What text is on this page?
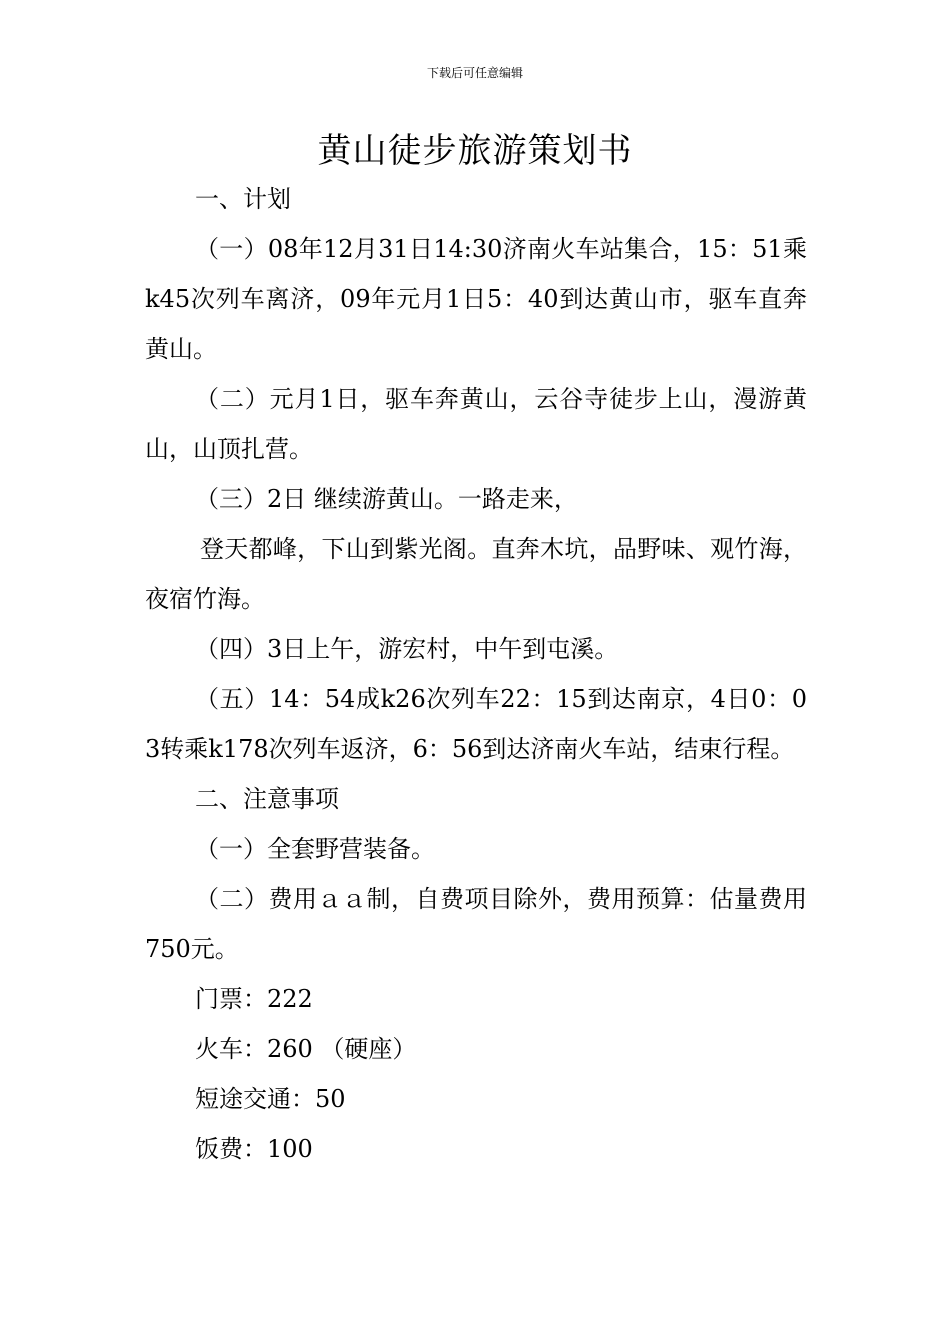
下载后可任意编辑
黄山徒步旅游策划书

一、计划

（一）08年12月31日14:30济南火车站集合，15：51乘k45次列车离济，09年元月1日5：40到达黄山市，驱车直奔黄山。

（二）元月1日，驱车奔黄山，云谷寺徒步上山，漫游黄山，山顶扎营。

（三）2日 继续游黄山。一路走来，

登天都峰，下山到紫光阁。直奔木坑，品野味、观竹海，夜宿竹海。

（四）3日上午，游宏村，中午到屯溪。

（五）14：54成k26次列车22：15到达南京，4日0：03转乘k178次列车返济，6：56到达济南火车站，结束行程。

二、注意事项

（一）全套野营装备。

（二）费用ａａ制，自费项目除外，费用预算：估量费用750元。

门票：222

火车：260 （硬座）

短途交通：50

饭费：100
